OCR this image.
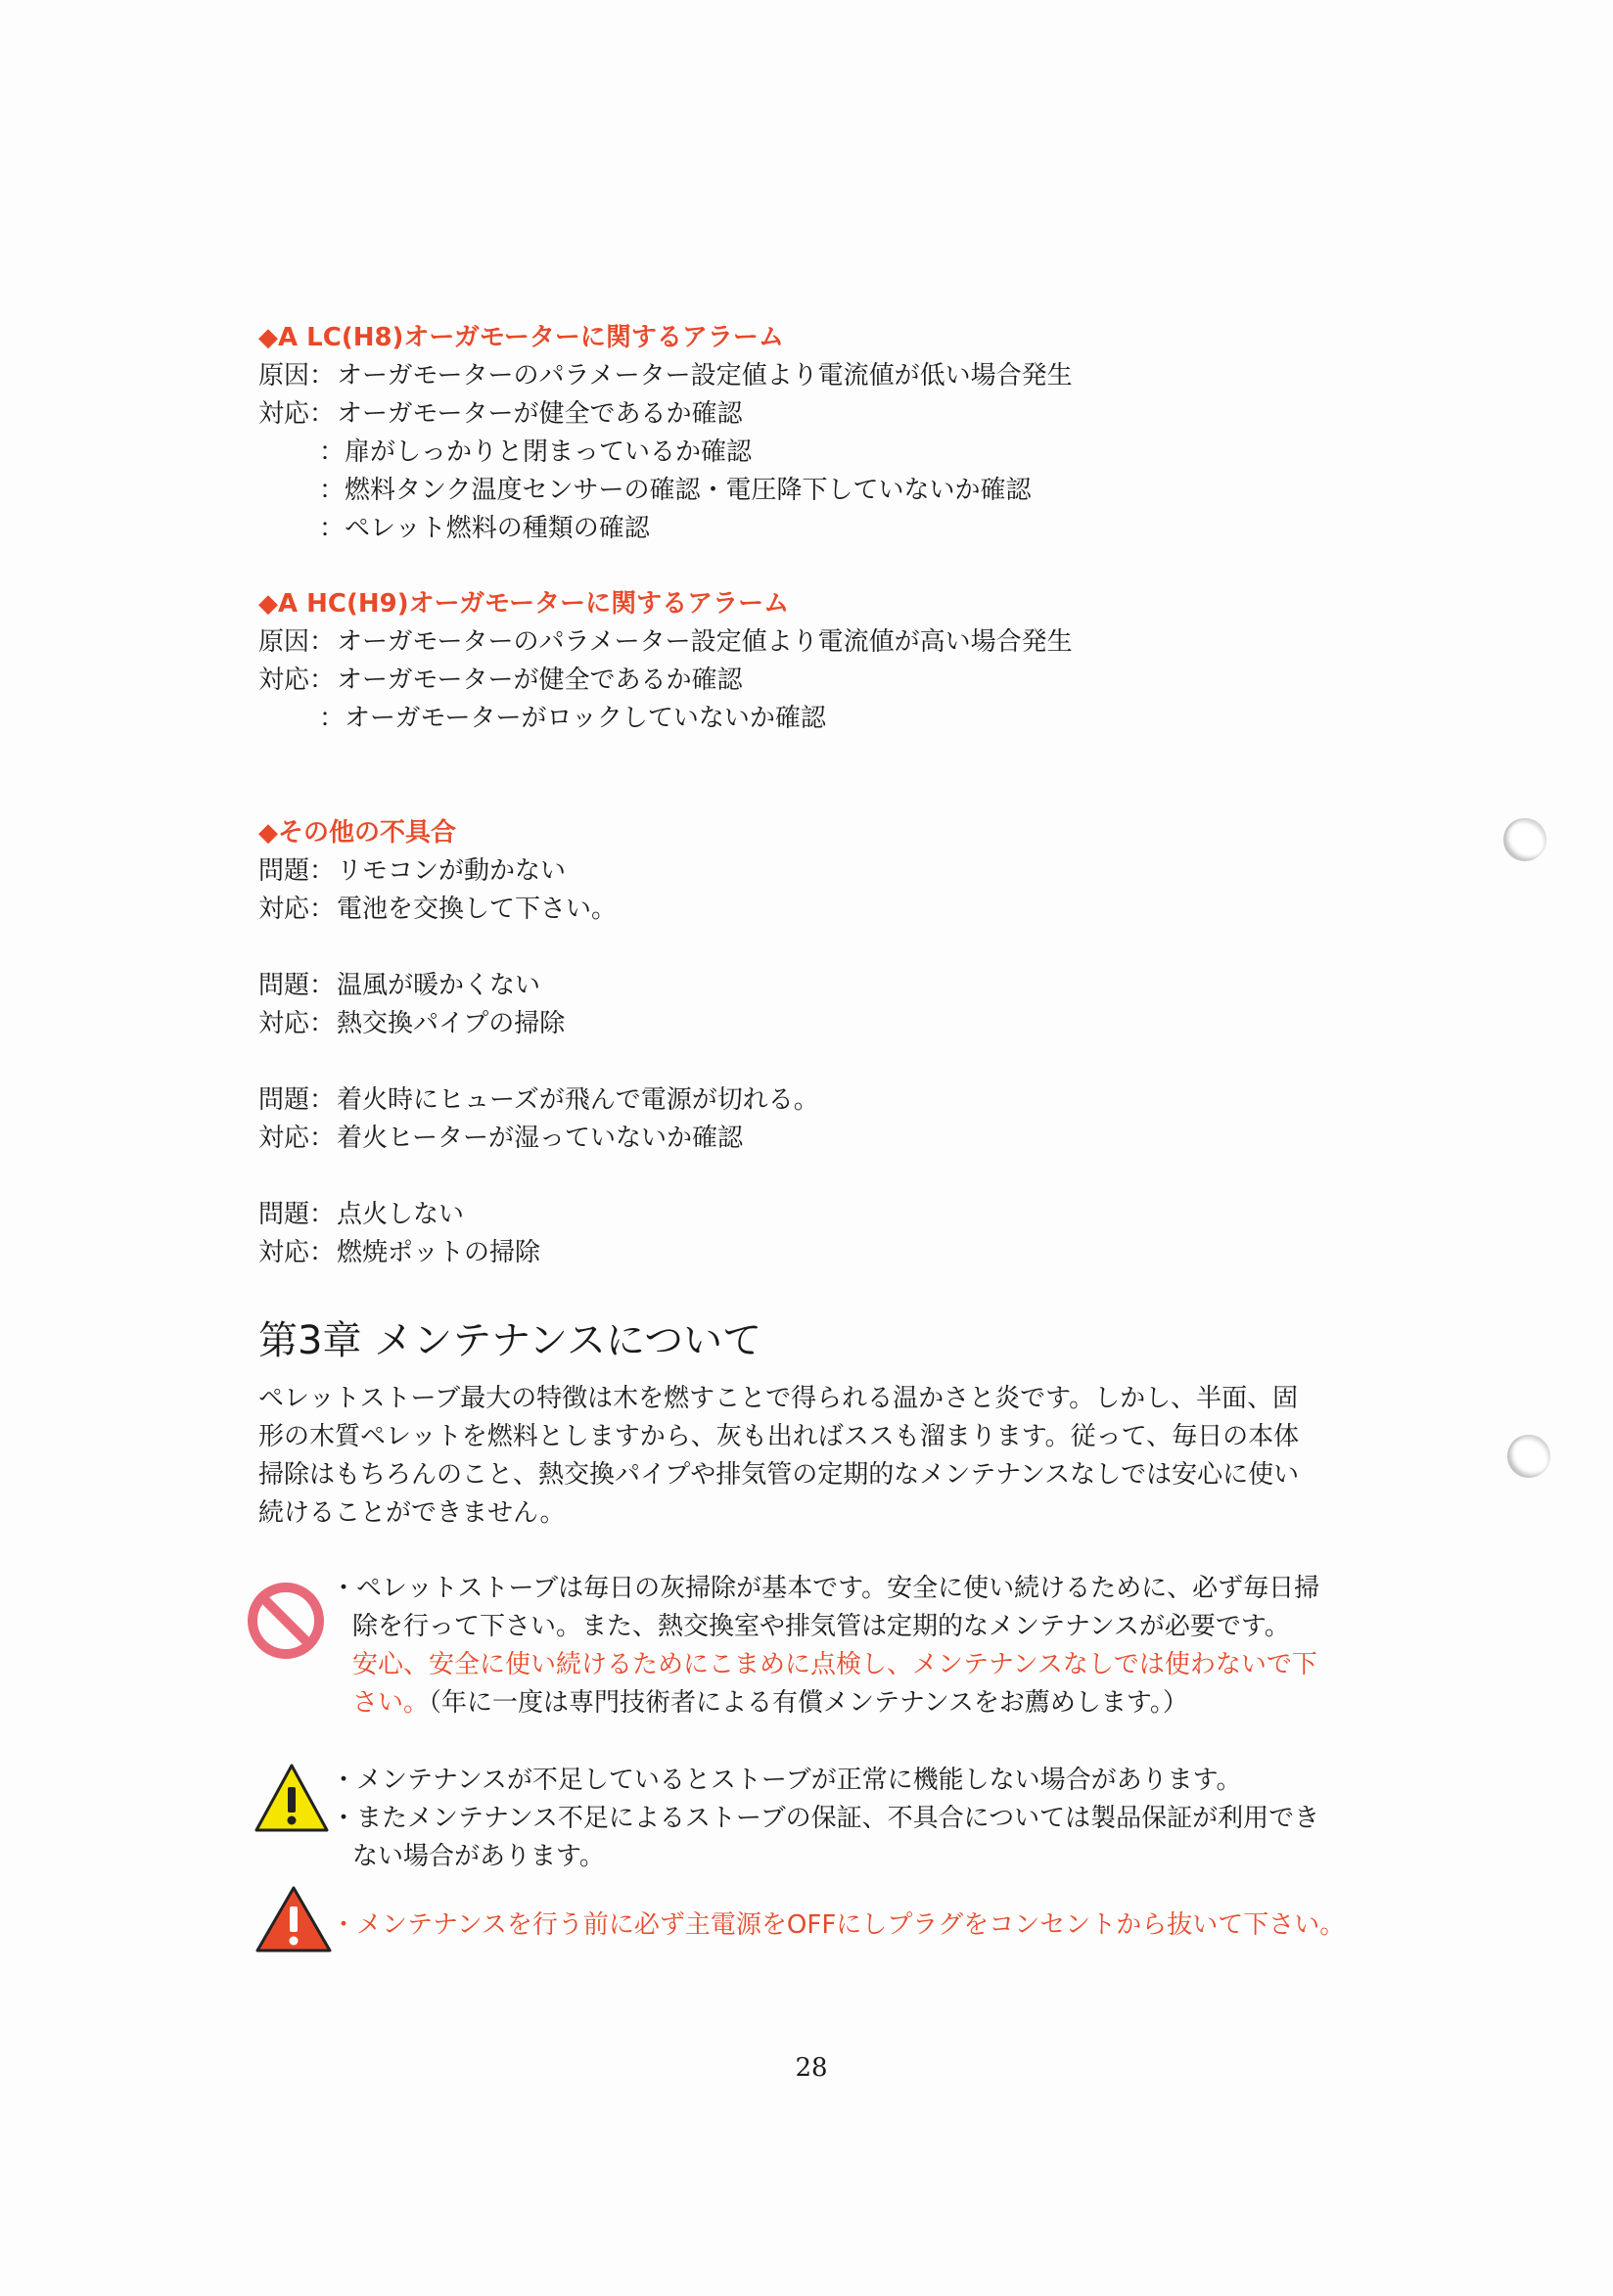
◆A LC(H8)オーガモーターに関するアラーム
原因： オーガモーターのパラメーター設定値より電流値が低い場合発生
対応： オーガモーターが健全であるか確認
：扉がしっかりと閉まっているか確認
：燃料タンク温度センサーの確認・電圧降下していないか確認
：ペレット燃料の種類の確認
◆A HC(H9)オーガモーターに関するアラーム
原因： オーガモーターのパラメーター設定値より電流値が高い場合発生
対応： オーガモーターが健全であるか確認
：オーガモーターがロックしていないか確認
◆その他の不具合
問題： リモコンが動かない
対応： 電池を交換して下さい。
問題： 温風が暖かくない
対応： 熱交換パイプの掃除
問題： 着火時にヒューズが飛んで電源が切れる。
対応： 着火ヒーターが湿っていないか確認
問題： 点火しない
対応： 燃焼ポットの掃除
第3章 メンテナンスについて
ペレットストーブ最大の特徴は木を燃すことで得られる温かさと炎です。しかし、半面、固
形の木質ペレットを燃料としますから、灰も出ればススも溜まります。従って、毎日の本体
掃除はもちろんのこと、熱交換パイプや排気管の定期的なメンテナンスなしでは安心に使い
続けることができません。
・ペレットストーブは毎日の灰掃除が基本です。安全に使い続けるために、必ず毎日掃
除を行って下さい。また、熱交換室や排気管は定期的なメンテナンスが必要です。
安心、安全に使い続けるためにこまめに点検し、メンテナンスなしでは使わないで下
さい。（年に一度は専門技術者による有償メンテナンスをお薦めします。）
・メンテナンスが不足しているとストーブが正常に機能しない場合があります。
・またメンテナンス不足によるストーブの保証、不具合については製品保証が利用でき
ない場合があります。
・メンテナンスを行う前に必ず主電源をOFFにしプラグをコンセントから抜いて下さい。
28
